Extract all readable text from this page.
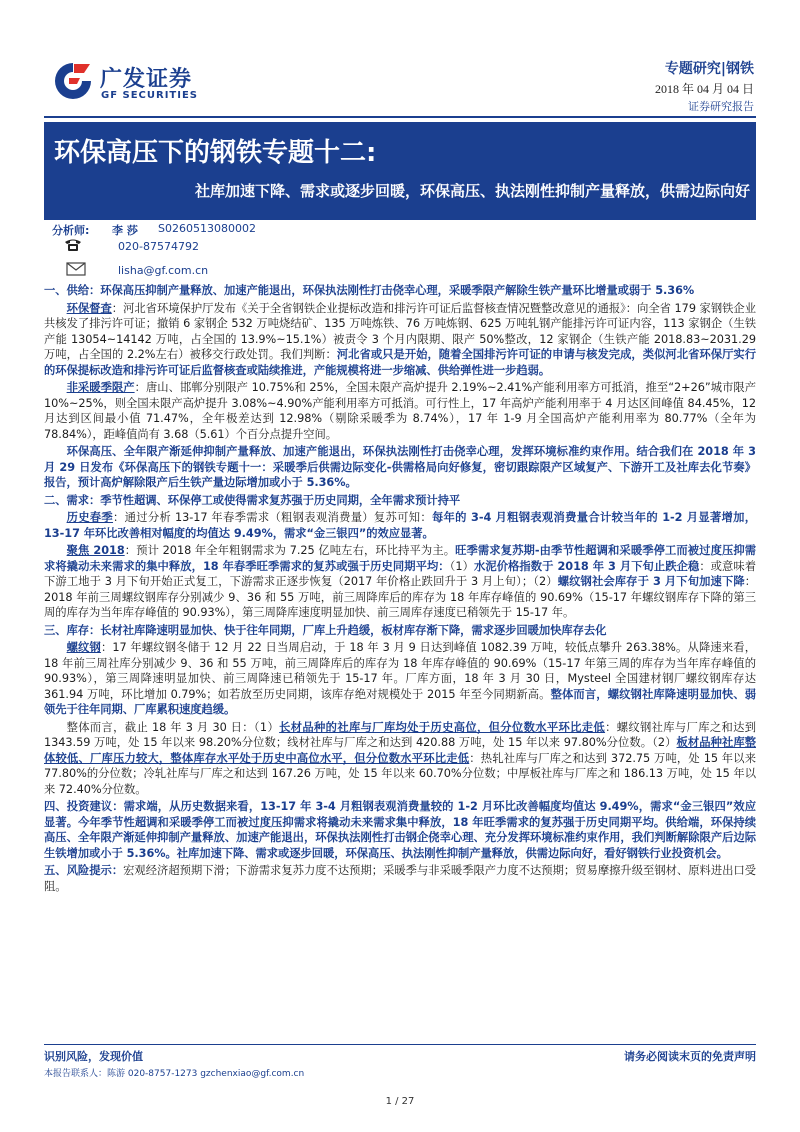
广发证券
GF SECURITIES
专题研究|钢铁
2018 年 04 月 04 日
证券研究报告
环保高压下的钢铁专题十二:
社库加速下降、需求或逐步回暖，环保高压、执法刚性抑制产量释放，供需边际向好
分析师: 李 莎 S0260513080002
020-87574792
lisha@gf.com.cn

一、供给：环保高压抑制产量释放、加速产能退出，环保执法刚性打击侥幸心理，采暖季限产解除生铁产量环比增量或弱于 5.36%

环保督查：河北省环境保护厅发布《关于全省钢铁企业提标改造和排污许可证后监督核查情况暨整改意见的通报》：向全省 179 家钢铁企业共核发了排污许可证；撤销 6 家钢企 532 万吨烧结矿、135 万吨炼铁、76 万吨炼钢、625 万吨轧钢产能排污许可证内容，113 家钢企（生铁产能 13054~14142 万吨，占全国的 13.9%~15.1%）被责令 3 个月内限期、限产 50%整改，12 家钢企（生铁产能 2018.83~2031.29 万吨，占全国的 2.2%左右）被移交行政处罚。我们判断：河北省或只是开始，随着全国排污许可证的申请与核发完成，类似河北省环保厅实行的环保提标改造和排污许可证后监督核查或陆续推进，产能规模将进一步缩减、供给弹性进一步趋弱。

非采暖季限产：唐山、邯郸分别限产 10.75%和 25%，全国未限产高炉提升 2.19%~2.41%产能利用率方可抵消，推至“2+26”城市限产 10%~25%，则全国未限产高炉提升 3.08%~4.90%产能利用率方可抵消。可行性上，17 年高炉产能利用率于 4 月达区间峰值 84.45%，12 月达到区间最小值 71.47%，全年极差达到 12.98%（剔除采暖季为 8.74%），17 年 1-9 月全国高炉产能利用率为 80.77%（全年为 78.84%），距峰值尚有 3.68（5.61）个百分点提升空间。

环保高压、全年限产渐延伸抑制产量释放、加速产能退出，环保执法刚性打击侥幸心理，发挥环境标准约束作用。结合我们在 2018 年 3 月 29 日发布《环保高压下的钢铁专题十一：采暖季后供需边际变化-供需格局向好修复，密切跟踪限产区域复产、下游开工及社库去化节奏》报告，预计高炉解除限产后生铁产量边际增加或小于 5.36%。

二、需求：季节性超调、环保停工或使得需求复苏强于历史同期，全年需求预计持平

历史春季：通过分析 13-17 年春季需求（粗钢表观消费量）复苏可知：每年的 3-4 月粗钢表观消费量合计较当年的 1-2 月显著增加，13-17 年环比改善相对幅度的均值达 9.49%，需求“金三银四”的效应显著。

聚焦 2018：预计 2018 年全年粗钢需求为 7.25 亿吨左右，环比持平为主。旺季需求复苏期-由季节性超调和采暖季停工而被过度压抑需求将撬动未来需求的集中释放，18 年春季旺季需求的复苏或强于历史同期平均：（1）水泥价格指数于 2018 年 3 月下旬止跌企稳：或意味着下游工地于 3 月下旬开始正式复工，下游需求正逐步恢复（2017 年价格止跌回升于 3 月上旬）；（2）螺纹钢社会库存于 3 月下旬加速下降：2018 年前三周螺纹钢库存分别减少 9、36 和 55 万吨，前三周降库后的库存为 18 年库存峰值的 90.69%（15-17 年螺纹钢库存下降的第三周的库存为当年库存峰值的 90.93%），第三周降库速度明显加快、前三周库存速度已稍领先于 15-17 年。

三、库存：长材社库降速明显加快、快于往年同期，厂库上升趋缓，板材库存渐下降，需求逐步回暖加快库存去化

螺纹钢：17 年螺纹钢冬储于 12 月 22 日当周启动，于 18 年 3 月 9 日达到峰值 1082.39 万吨，较低点攀升 263.38%。从降速来看，18 年前三周社库分别减少 9、36 和 55 万吨，前三周降库后的库存为 18 年库存峰值的 90.69%（15-17 年第三周的库存为当年库存峰值的 90.93%），第三周降速明显加快、前三周降速已稍领先于 15-17 年。厂库方面，18 年 3 月 30 日，Mysteel 全国建材钢厂螺纹钢库存达 361.94 万吨，环比增加 0.79%；如若放至历史同期，该库存绝对规模处于 2015 年至今同期新高。整体而言，螺纹钢社库降速明显加快、弱领先于往年同期、厂库累积速度趋缓。

整体而言，截止 18 年 3 月 30 日：（1）长材品种的社库与厂库均处于历史高位，但分位数水平环比走低：螺纹钢社库与厂库之和达到 1343.59 万吨，处 15 年以来 98.20%分位数；线材社库与厂库之和达到 420.88 万吨，处 15 年以来 97.80%分位数。（2）板材品种社库整体较低、厂库压力较大，整体库存水平处于历史中高位水平，但分位数水平环比走低：热轧社库与厂库之和达到 372.75 万吨，处 15 年以来 77.80%的分位数；冷轧社库与厂库之和达到 167.26 万吨，处 15 年以来 60.70%分位数；中厚板社库与厂库之和 186.13 万吨，处 15 年以来 72.40%分位数。

四、投资建议：需求端，从历史数据来看，13-17 年 3-4 月粗钢表观消费量较的 1-2 月环比改善幅度均值达 9.49%，需求“金三银四”效应显著。今年季节性超调和采暖季停工而被过度压抑需求将撬动未来需求集中释放，18 年旺季需求的复苏强于历史同期平均。供给端，环保持续高压、全年限产渐延伸抑制产量释放、加速产能退出，环保执法刚性打击钢企侥幸心理、充分发挥环境标准约束作用，我们判断解除限产后边际生铁增加或小于 5.36%。社库加速下降、需求或逐步回暖，环保高压、执法刚性抑制产量释放，供需边际向好，看好钢铁行业投资机会。

五、风险提示：宏观经济超预期下滑；下游需求复苏力度不达预期；采暖季与非采暖季限产力度不达预期；贸易摩擦升级至钢材、原料进出口受阻。

识别风险，发现价值	请务必阅读末页的免责声明
本报告联系人：陈游 020-8757-1273 gzchenxiao@gf.com.cn
1 / 27
